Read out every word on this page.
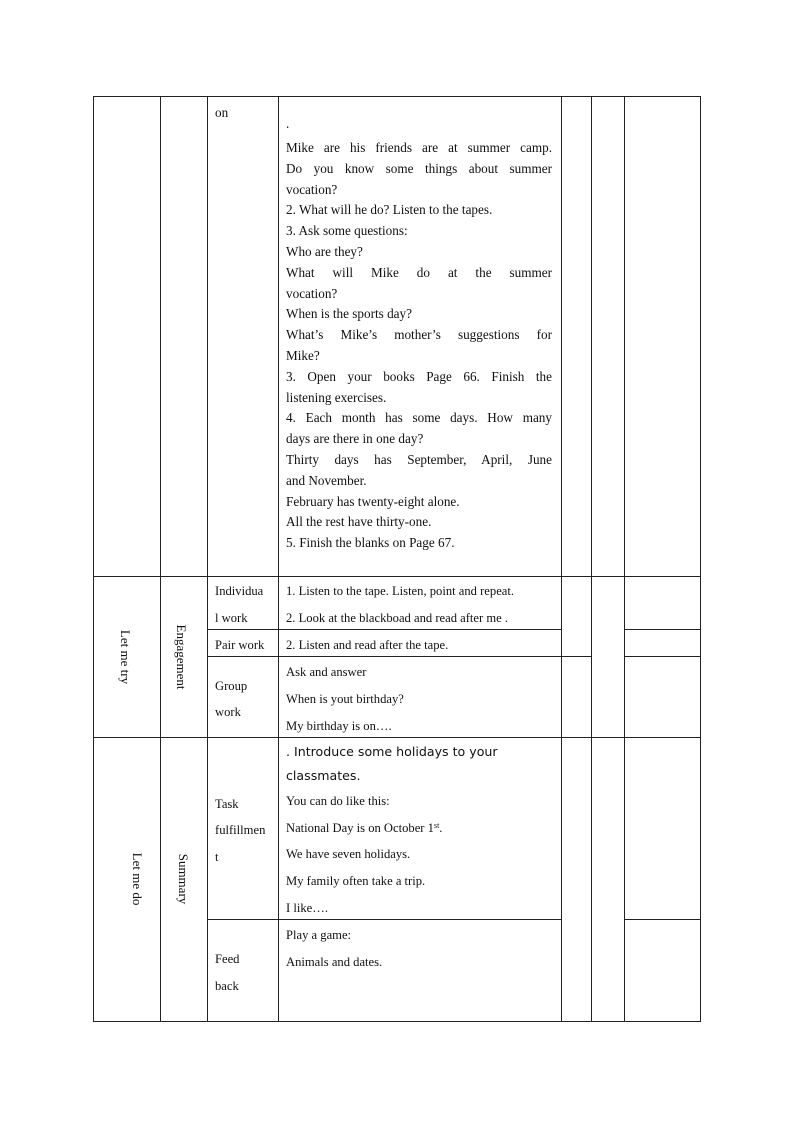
on
.
Mike are his friends are at summer camp.
Do you know some things about summer
vocation?
2. What will he do? Listen to the tapes.
3. Ask some questions:
Who are they?
What will Mike do at the summer
vocation?
When is the sports day?
What’s Mike’s mother’s suggestions for
Mike?
3. Open your books Page 66. Finish the
listening exercises.
4. Each month has some days. How many
days are there in one day?
Thirty days has September, April, June
and November.
February has twenty-eight alone.
All the rest have thirty-one.
5. Finish the blanks on Page 67.
Let me try	Engagement
Individua
l work
1. Listen to the tape. Listen, point and repeat.
2. Look at the blackboad and read after me .
Pair work 2. Listen and read after the tape.
Group
work
Ask and answer
When is yout birthday?
My birthday is on….
Let me do Summary
Task
fulfillmen
t
. Introduce some holidays to your
classmates.
You can do like this:
National Day is on October 1st.
We have seven holidays.
My family often take a trip.
I like….
Feed
back
Play a game:
Animals and dates.
